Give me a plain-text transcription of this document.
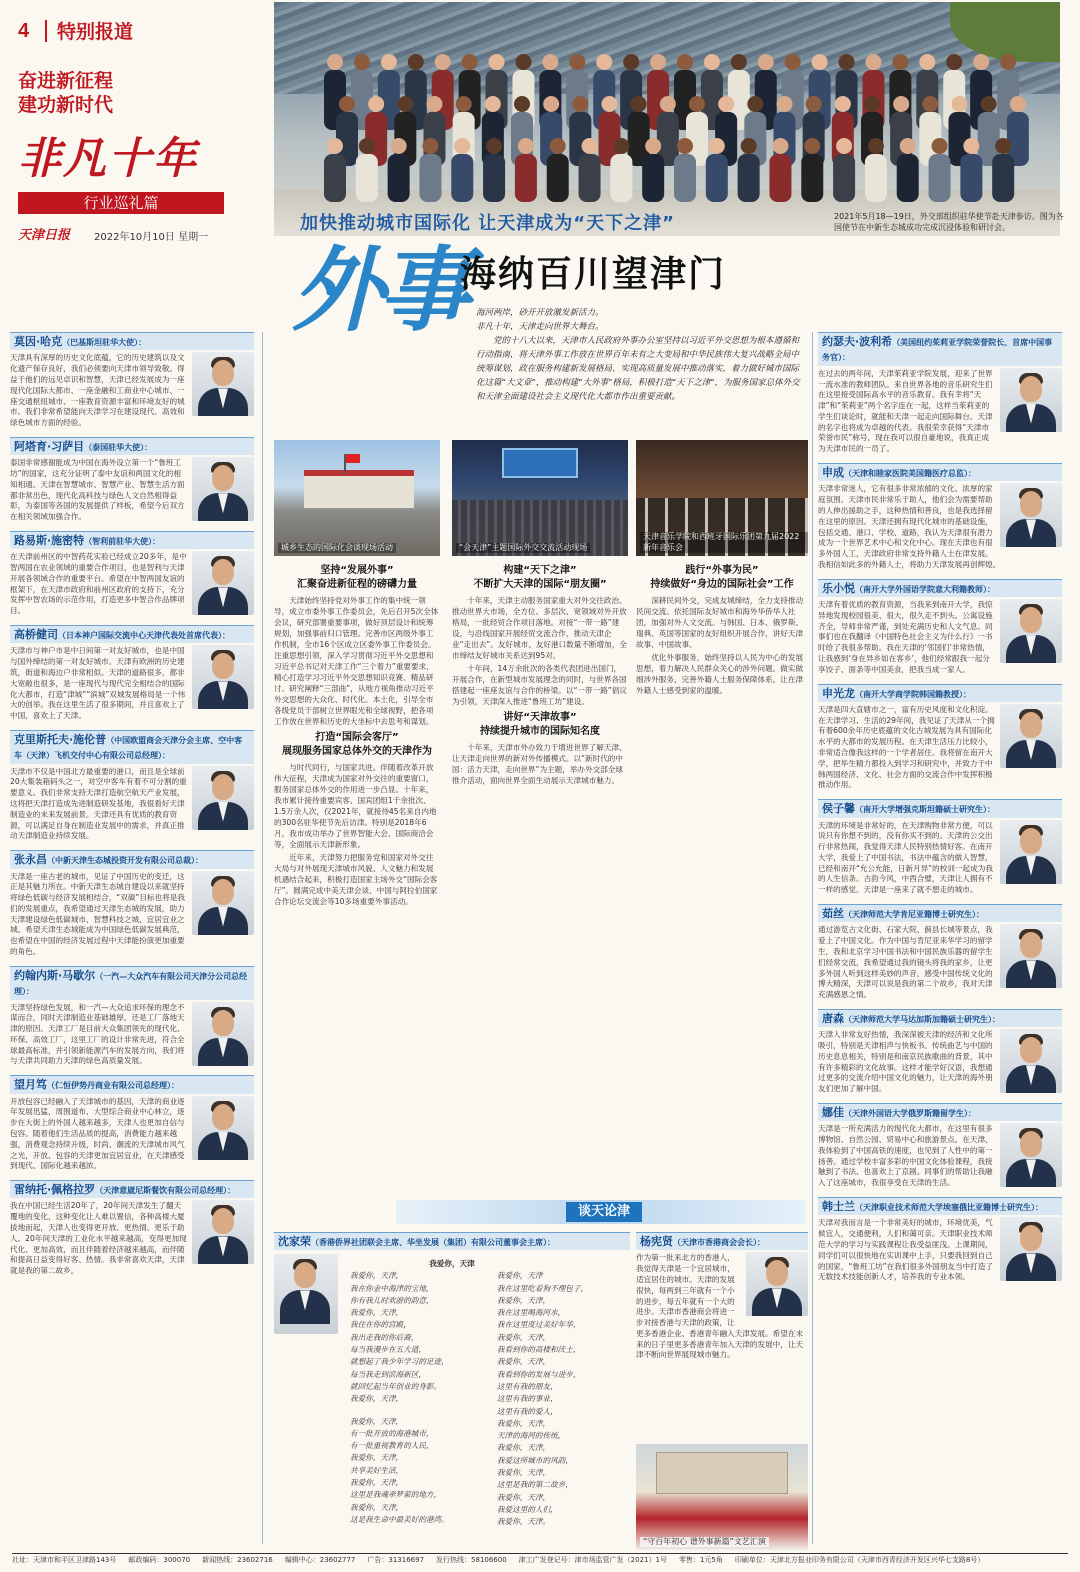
4 特别报道
奋进新征程
建功新时代
非凡十年
行业巡礼篇
天津日报 2022年10月10日 星期一
2021年5月18—19日，外交部组织驻华使节赴天津参访。图为各国使节在中新生态城成功完成沉浸体验和研讨会。
加快推动城市国际化 让天津成为“天下之津”
外事
海纳百川望津门
海河两岸，砂开开放激发新活力。
非凡十年，天津走向世界大舞台。
党的十八大以来，天津市人民政府外事办公室坚持以习近平外交思想为根本遵循和行动指南，将天津外事工作放在世界百年未有之大变局和中华民族伟大复兴战略全局中统筹谋划，政在服务构建新发展格局、实现高质量发展中推动落实，着力做好城市国际化这篇“大文章”，推动构建“大外事”格局，积极打造“天下之津”，为服务国家总体外交和天津全面建设社会主义现代化大都市作出重要贡献。
莫因·哈克（巴基斯坦驻华大使）：
天津具有深厚的历史文化底蕴，它的历史建筑以及文化遗产保存良好，我们必须要向天津市领导致敬。得益于他们的远见卓识和智慧，天津已经发展成为一座现代化国际大都市、一座金融和工商业中心城市、一座交通枢纽城市、一座教育资源丰富和环境友好的城市。我们非常希望能向天津学习在建设现代、高效和绿色城市方面的经验。
阿塔育·习萨目（泰国驻华大使）：
泰国非常感谢能成为中国在海外设立第一个“鲁班工坊”的国家，这充分证明了泰中友谊和两国文化的相知相通。天津在智慧城市、智慧产业、智慧生活方面都非常出色，现代化高科技与绿色人文自然相得益彰，为泰国等各国的发展提供了样板，希望今后双方在相关领域加强合作。
路易斯·施密特（智利前驻华大使）：
在天津前州区的中智药花实验已经成立20多年，是中智两国在农业领域的重要合作项目，也是智利与天津开展各领域合作的重要平台。希望在中智两国友谊的框架下，在天津市政府和前州区政府的支持下，充分发挥中智农场的示范作用，打造更多中智合作品牌项目。
高桥健司（日本神户国际交流中心天津代表处首席代表）：
天津市与神户市是中日间第一对友好城市，也是中国与国外缔结的第一对友好城市。天津有欧洲的历史建筑，街道和海边户非常相似。天津的道路很多，都非大宽敞也很多，是一座现代与现代完全相结合的国际化大都市，打造“津城”“滨城”双城发展格局是一个伟大的创举。我在这里生活了很多期间，并且喜欢上了中国，喜欢上了天津。
克里斯托夫·施伦普（中国欧盟商会天津分会主席、空中客车（天津）飞机交付中心有限公司总经理）：
天津市不仅是中国北方最重要的港口，而且是全球前20大集装箱码头之一，对空中客车有着不可分割的重要意义。我们非常支持天津打造航空航天产业发展，这将把天津打造成先进制造研发基地，我很看好天津制造业的未来发展前景。天津还具有优质的教育资源，可以满足自身在制造业发展中的需求，并真正推动天津制造业持续发展。
张永昌（中新天津生态城投资开发有限公司总裁）：
天津是一座古老的城市，见证了中国历史的变迁，这正是其魅力所在。中新天津生态城自建设以来就坚持将绿色低碳与经济发展相结合，“双碳”目标也将是我们的发展重点，我希望通过天津生态城的发展，助力天津建设绿色低碳城市、智慧科技之城、宜居宜业之城。希望天津生态城能成为中国绿色低碳发展典范，也希望在中国的经济发展过程中天津能扮演更加重要的角色。
约翰内斯·马歇尔（一汽—大众汽车有限公司天津分公司总经理）：
天津坚持绿色发展，和一汽—大众追求环保的理念不谋而合，同时天津制造业基础雄厚，还是工厂落地天津的原因。天津工厂是目前大众集团领先的现代化、环保、高效工厂，这里工厂的设计非常先进，符合全球最高标准，并引领新能源汽车的发展方向，我们将与天津共同助力天津的绿色高质量发展。
望月笃（仁恒伊势丹商业有限公司总经理）：
开放包容已经融入了天津城市的基因，天津的商业逐年发展迅猛，周围道布、大型综合商业中心林立，逐步在大街上的外国人越来越多，天津人也更加自信与包容。随着他们生活品质的提高，消费能力越来越强，消费观念持续升级，时尚、潮流的天津城市风气之光，开放、包容的天津更加宜居宜业，在天津感受到现代、国际化越来越浓。
雷纳托·佩格拉罗（天津意崴尼斯餐饮有限公司总经理）：
我在中国已经生活20年了，20年间天津发生了翻天覆地的变化，这种变化让人难以置信，各种高楼大厦拔地而起，天津人也变得更开放、更热情、更乐于助人。20年间天津的工业化水平越来越高，变得更加现代化、更加高效，而且伴随着经济越来越高，而伴随和提高日益变得好客、热情。我非常喜欢天津，天津就是我的第二故乡。
约瑟夫·波利希（美国纽约茱莉亚学院荣誉院长、首席中国事务官）：
在过去的两年间，天津茱莉亚学院发展，迎来了世界一流水准的教师团队。来自世界各地的音乐研究生们在这里接受国际高水平的音乐教育。我有幸将“天津”和“茱莉亚”两个名字连在一起，这样当茱莉亚的学生们谈论时，就能和天津一起走向国际舞台。天津的名字也将成为卓越的代表。我很荣幸获得“天津市荣誉市民”称号，现在我可以很自豪地说，我真正成为天津市民的一员了。
申成（天津和睦家医院美国籍医疗总监）：
天津非常迷人，它有很多非常浓郁的文化、浓厚的家庭氛围。天津市民非常乐于助人，他们会为需要帮助的人伸出援助之手，这种热情和善良，也是我选择留在这里的原因。天津还拥有现代化城市的基础设施，包括交通、港口、学校、道路，我认为天津很有潜力成为一个世界艺术中心和文化中心。现在天津也有很多外国人工，天津政府非常支持外籍人士在津发展。我相信如此多的外籍人士，将助力天津发展再创辉煌。
乐小悦（南开大学外国语学院意大利籍教师）：
天津有着优质的教育资源，当我来到南开大学，我惊异地发现校园很美、很大，很久走不到头。公寓设施齐全，导师非常严谨，到处充满历史和人文气息。同事们也在我翻译《中国特色社会主义为什么行》一书时给了我很多帮助。我在天津的‘邻国们’非常热情，让我感到‘身在异乡如在客乡’，他们经常跟我一起分享饺子、面条等中国美食，把我当成一家人。
申光龙（南开大学商学院韩国籍教授）：
天津是四大直辖市之一，富有历史风度和文化积淀。在天津学习、生活的29年间，我见证了天津从一个拥有着600余年历史底蕴的文化古城发展为具有国际化水平的大都市的发展历程。在天津生活压力比较小，非常适合像我这样的一个学者居住。我将留在南开大学，把毕生精力都投入到学习和研究中，并致力于中韩两国经济、文化、社会方面的交流合作中发挥积极推动作用。
侯子馨（南开大学增强克斯坦籍硕士研究生）：
天津的环境是非常好的，在天津购物非常方便，可以说只有你想不到的，没有你买不到的。天津的公交出行非常热闹，我觉得天津人民特别热情好客。在南开大学，我爱上了中国书法，书法中蕴含的做人智慧，已经和南开“允公允能，日新月异”的校训一起成为我的人生信条。古韵今风，中西合璧，天津让人拥有不一样的感觉。天津是一座来了就不想走的城市。
茹丝（天津师范大学肯尼亚籍博士研究生）：
通过游览古文化街、石家大院、蓟县长城等景点，我爱上了中国文化。作为中国与肯尼亚来华学习的留学生，我和北京学习中国书法和中国民族乐器的留学生们经常交流，我希望通过我的镜头将我的家乡，让更多外国人听到这样美妙的声音，感受中国传统文化的博大精深，天津可以说是我的第二个故乡，我对天津充满感恩之情。
唐森（天津师范大学马达加斯加籍硕士研究生）：
天津人非常友好热情，我深深被天津的经济和文化所吸引，特别是天津相声与快板书。传统曲艺与中国的历史息息相关，特别是和南京民族歌曲的背景，其中有许多精彩的文化故事。这样才能学好汉语，我想通过更多的交流介绍中国文化的魅力，让天津的海外朋友们更加了解中国。
娜佳（天津外国语大学俄罗斯籍留学生）：
天津是一所充满活力的现代化大都市，在这里有很多博物馆、自然公园、贸易中心和旅游景点。在天津，我体验到了中国高铁的速度，也见到了人性中的第一扬善。通过学校丰富多彩的中国文化体验课程，我接触到了书法、也喜欢上了京剧。同事们的帮助让我融入了这座城市，我很享受在天津的生活。
韩士兰（天津职业技术师范大学埃塞俄比亚籍博士研究生）：
天津对我而言是一个非常美好的城市，环境优美，气候宜人，交通便利，人们和蔼可亲。天津职业技术师范大学的学习与实践课程让我受益匪浅。上课期间，同学们可以很快地在实训课中上手，只要我回到自己的国家，“鲁班工坊”在我们很多外国朋友当中打造了无数技术技能创新人才，培养我的专业本领。
城乡生态的国际化会谈现场活动	“会天津”主题国际外交交流活动现场
天津音乐学院和西班牙国际乐团第九届2022新年音乐会
坚持“发展外事”
汇聚奋进新征程的磅礴力量

天津始终坚持党对外事工作的集中统一领导，成立市委外事工作委员会，先后召开5次全体会议，研究部署重要事项，做好顶层设计和统筹规划，加强事前归口管理。完善市区两级外事工作机制，全市16个区成立区委外事工作委员会。注重思想引领，深入学习贯彻习近平外交思想和习近平总书记对天津工作“三个着力”重要要求，精心打造学习习近平外交思想知识竞赛、精品研讨、研究阐释“三部曲”，从地方视角推动习近平外交思想的大众化、时代化。本土化，引导全市各级党员干部树立世界眼光和全球视野，把各项工作放在世界和历史的大坐标中去思考和谋划。

打造“国际会客厅”
展现服务国家总体外交的天津作为

与时代同行，与国家共进。伴随着改革开放伟大征程，天津成为国家对外交往的重要窗口，服务国家总体外交的作用进一步凸显。十年来，我市累计接待重要宾客、国宾团组1千余批次、1.5万余人次，仅2021年，就接待45名来自内地的300名驻华使节先后访津。特别是2018年6月，我市成功举办了世界智能大会、国际商洽会等，全面展示天津新形象。

近年来，天津努力把服务党和国家对外交往大局与对外展现天津城市风貌、人文魅力和发展机遇结合起来，积极打造国家主场外交“国际会客厅”。圆满完成中美天津会谈、中国与阿拉伯国家合作论坛交流会等10多场重要外事活动。

构建“天下之津”
不断扩大天津的国际“朋友圈”

十年来，天津主动服务国家重大对外交往政治、推动世界大市场，全方位、多层次、宽领域对外开放格局，一批经贸合作项目落地。对接“一带一路”建设，与沿线国家开展经贸交流合作，推动天津企业“走出去”。友好城市、友好港口数量不断增加，全市缔结友好城市关系达到95对。

十年间，14万余批次的各类代表团进出国门，开展合作，在新型城市发展理念的同时，与世界各国搭建起一座座友谊与合作的桥梁。以“一带一路”倡议为引领，天津深入推进“鲁班工坊”建设。

讲好“天津故事”
持续提升城市的国际知名度

十年来，天津市外办致力于增进世界了解天津、让天津走向世界的新对外传播模式。以“新时代的中国：活力天津，走向世界”为主题，举办外交部全球推介活动，面向世界全面生动展示天津城市魅力。

践行“外事为民”
持续做好“身边的国际社会”工作

深耕民间外交，完成友城缔结，全力支持推动民间交流。依托国际友好城市和海外华侨华人社团，加强对外人文交流。与韩国、日本、俄罗斯、瑞典、英国等国家的友好组织开展合作，讲好天津故事、中国故事。

优化外事服务，始终坚持以人民为中心的发展思想，着力解决人民群众关心的涉外问题。做实做细涉外服务，完善外籍人士服务保障体系，让在津外籍人士感受到家的温暖。

谈天论津
沈家荣（香港侨界社团联会主席、华坐发展（集团）有限公司董事会主席）：
我爱你，天津
我爱你，天津，
我在你金中海津的宝地，
你有我儿时欢游的韵意，
我爱你，天津，
我住在你的宫殿，
我出走我的你后裔，
每当我漫步在五大道，
就想起了我少年学习的足迹，
每当我走到滨海新区，
就回忆起当年创业的身影。
我爱你，天津，
我爱你，天津，
有一批开放的海港城市，
有一批重视教育的人民，
我爱你，天津，
共享美好生活，
我爱你，天津，
这里是我魂牵梦萦的地方，
我爱你，天津，
这是我生命中最美好的港湾。
我爱你，天津
我在这里吃着狗不理包子，
我爱你，天津，
我在这里喝海河水，
我在这里度过美好年华，
我爱你，天津，
我看到你的高楼和沃土，
我爱你，天津，
我看到你的发展与进步，
这里有我的朋友，
这里有我的事业，
这里有我的爱人，
我爱你，天津，
天津的海河的传统，
我爱你，天津，
我爱这所城市的风韵，
我爱你，天津，
这里是我的第二故乡，
我爱你，天津，
我爱这里的人们，
我爱你，天津。
杨宪贤（天津市香港商会会长）：
作为第一批来北方的香港人，我觉得天津是一个宜居城市，适宜居住的城市。天津的发展很快，每两到三年就有一个小的进步，每五年就有一个大的进步。天津市香港商会将进一步对接香港与天津的政策，让更多香港企业、香港青年融入天津发展。希望在未来的日子里更多香港青年加入天津的发展中，让天津不断向世界展现城市魅力。
“守百年初心 谱外事新篇”文艺汇演
社址：天津市和平区卫津路143号 邮政编码：300070 新闻热线：23602716 编辑中心：23602777 广告：31316697 发行热线：58106600 津工广发登记号：津市场监管广发（2021）1号 零售：1元5角 印刷单位：天津北方报业印务有限公司（天津市西青经济开发区兴华七支路8号）
